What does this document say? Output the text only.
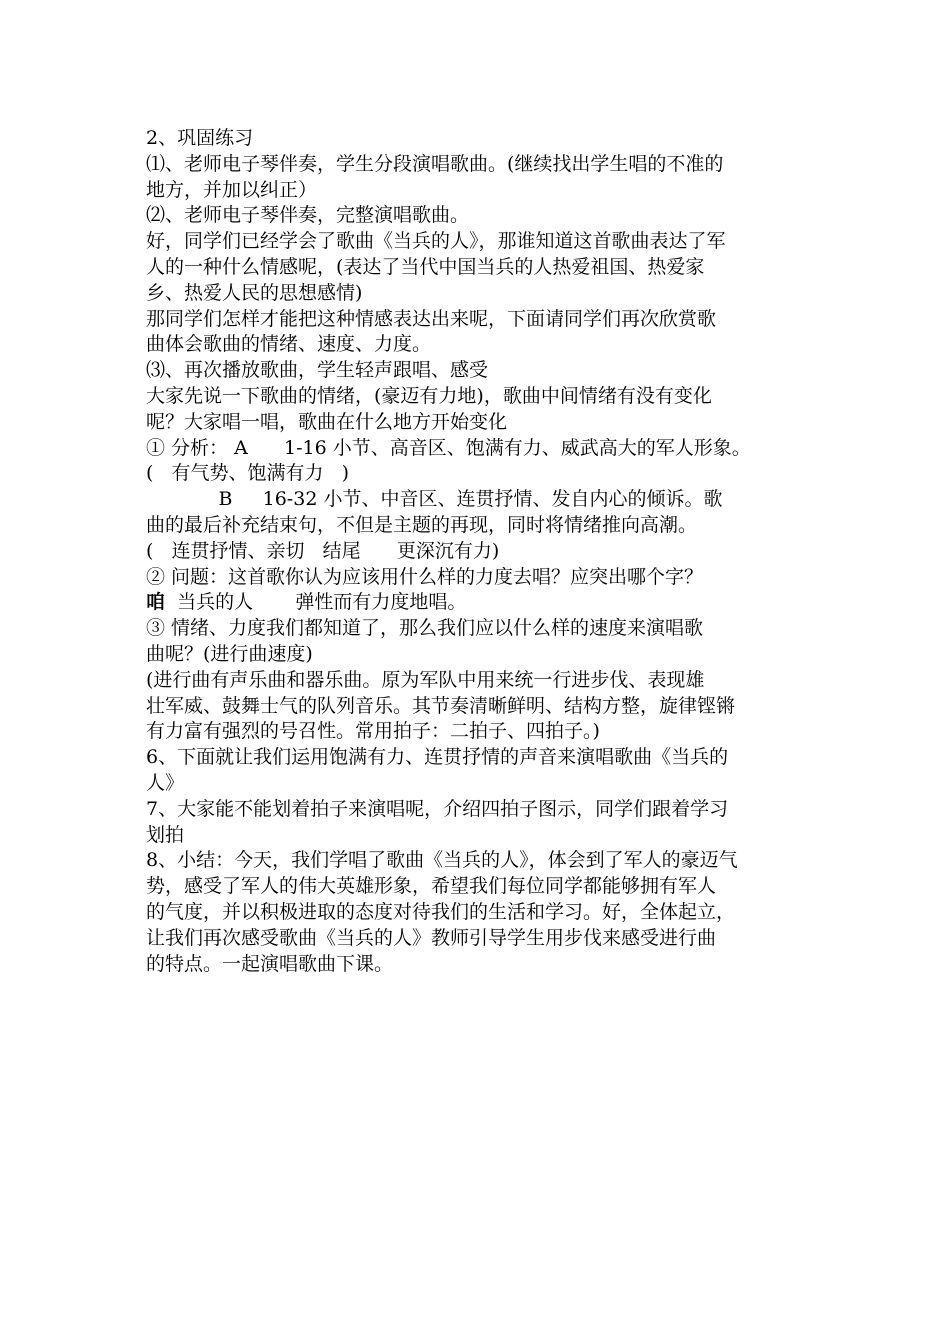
2、巩固练习
⑴、老师电子琴伴奏，学生分段演唱歌曲。(继续找出学生唱的不准的
地方，并加以纠正）
⑵、老师电子琴伴奏，完整演唱歌曲。
好，同学们已经学会了歌曲《当兵的人》，那谁知道这首歌曲表达了军
人的一种什么情感呢，(表达了当代中国当兵的人热爱祖国、热爱家
乡、热爱人民的思想感情)
那同学们怎样才能把这种情感表达出来呢，下面请同学们再次欣赏歌
曲体会歌曲的情绪、速度、力度。
⑶、再次播放歌曲，学生轻声跟唱、感受
大家先说一下歌曲的情绪，(豪迈有力地)，歌曲中间情绪有没有变化
呢？大家唱一唱，歌曲在什么地方开始变化
① 分析： A      1-16 小节、高音区、饱满有力、威武高大的军人形象。
(   有气势、饱满有力   )
B     16-32 小节、中音区、连贯抒情、发自内心的倾诉。歌
曲的最后补充结束句，不但是主题的再现，同时将情绪推向高潮。
(   连贯抒情、亲切   结尾      更深沉有力)
② 问题：这首歌你认为应该用什么样的力度去唱？应突出哪个字？
咱  当兵的人       弹性而有力度地唱。
③ 情绪、力度我们都知道了，那么我们应以什么样的速度来演唱歌
曲呢？(进行曲速度)
(进行曲有声乐曲和器乐曲。原为军队中用来统一行进步伐、表现雄
壮军威、鼓舞士气的队列音乐。其节奏清晰鲜明、结构方整，旋律铿锵
有力富有强烈的号召性。常用拍子：二拍子、四拍子。)
6、下面就让我们运用饱满有力、连贯抒情的声音来演唱歌曲《当兵的
人》
7、大家能不能划着拍子来演唱呢，介绍四拍子图示，同学们跟着学习
划拍
8、小结：今天，我们学唱了歌曲《当兵的人》，体会到了军人的豪迈气
势，感受了军人的伟大英雄形象，希望我们每位同学都能够拥有军人
的气度，并以积极进取的态度对待我们的生活和学习。好，全体起立，
让我们再次感受歌曲《当兵的人》教师引导学生用步伐来感受进行曲
的特点。一起演唱歌曲下课。
